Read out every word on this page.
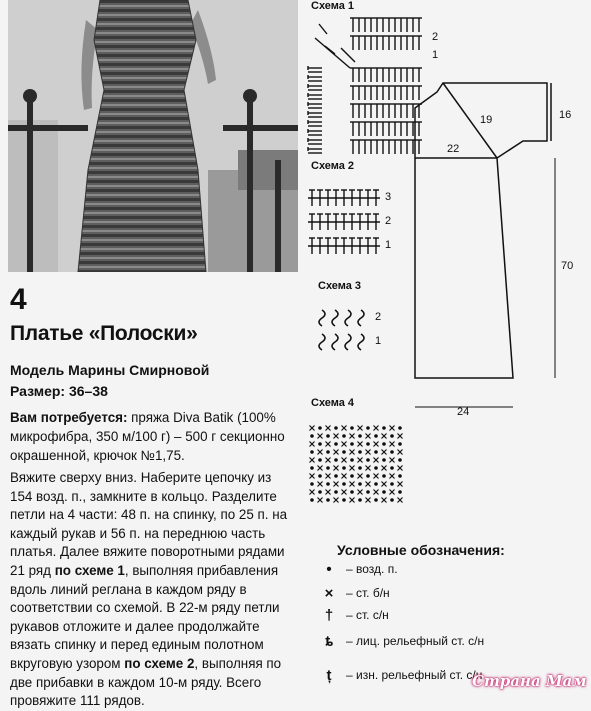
4
Платье «Полоски»
Модель Марины Смирновой
Размер: 36–38
Вам потребуется: пряжа Diva Batik (100% микрофибра, 350 м/100 г) – 500 г секционно окрашенной, крючок №1,75.
Вяжите сверху вниз. Наберите цепочку из 154 возд. п., замкните в кольцо. Разделите петли на 4 части: 48 п. на спинку, по 25 п. на каждый рукав и 56 п. на переднюю часть платья. Далее вяжите поворотными рядами 21 ряд по схеме 1, выполняя прибавления вдоль линий реглана в каждом ряду в соответствии со схемой. В 22-м ряду петли рукавов отложите и далее продолжайте вязать спинку и перед единым полотном вкруговую узором по схеме 2, выполняя по две прибавки в каждом 10-м ряду. Всего провяжите 111 рядов.
Схема 1
2
1
Схема 2
3
2
1
Схема 3
2
1
Схема 4
16
19
22
70
24
Условные обозначения:
•	– возд. п.
×	– ст. б/н
†	– ст. с/н
ȶ	– лиц. рельефный ст. с/н
ț	– изн. рельефный ст. с/н
Страна Мам
